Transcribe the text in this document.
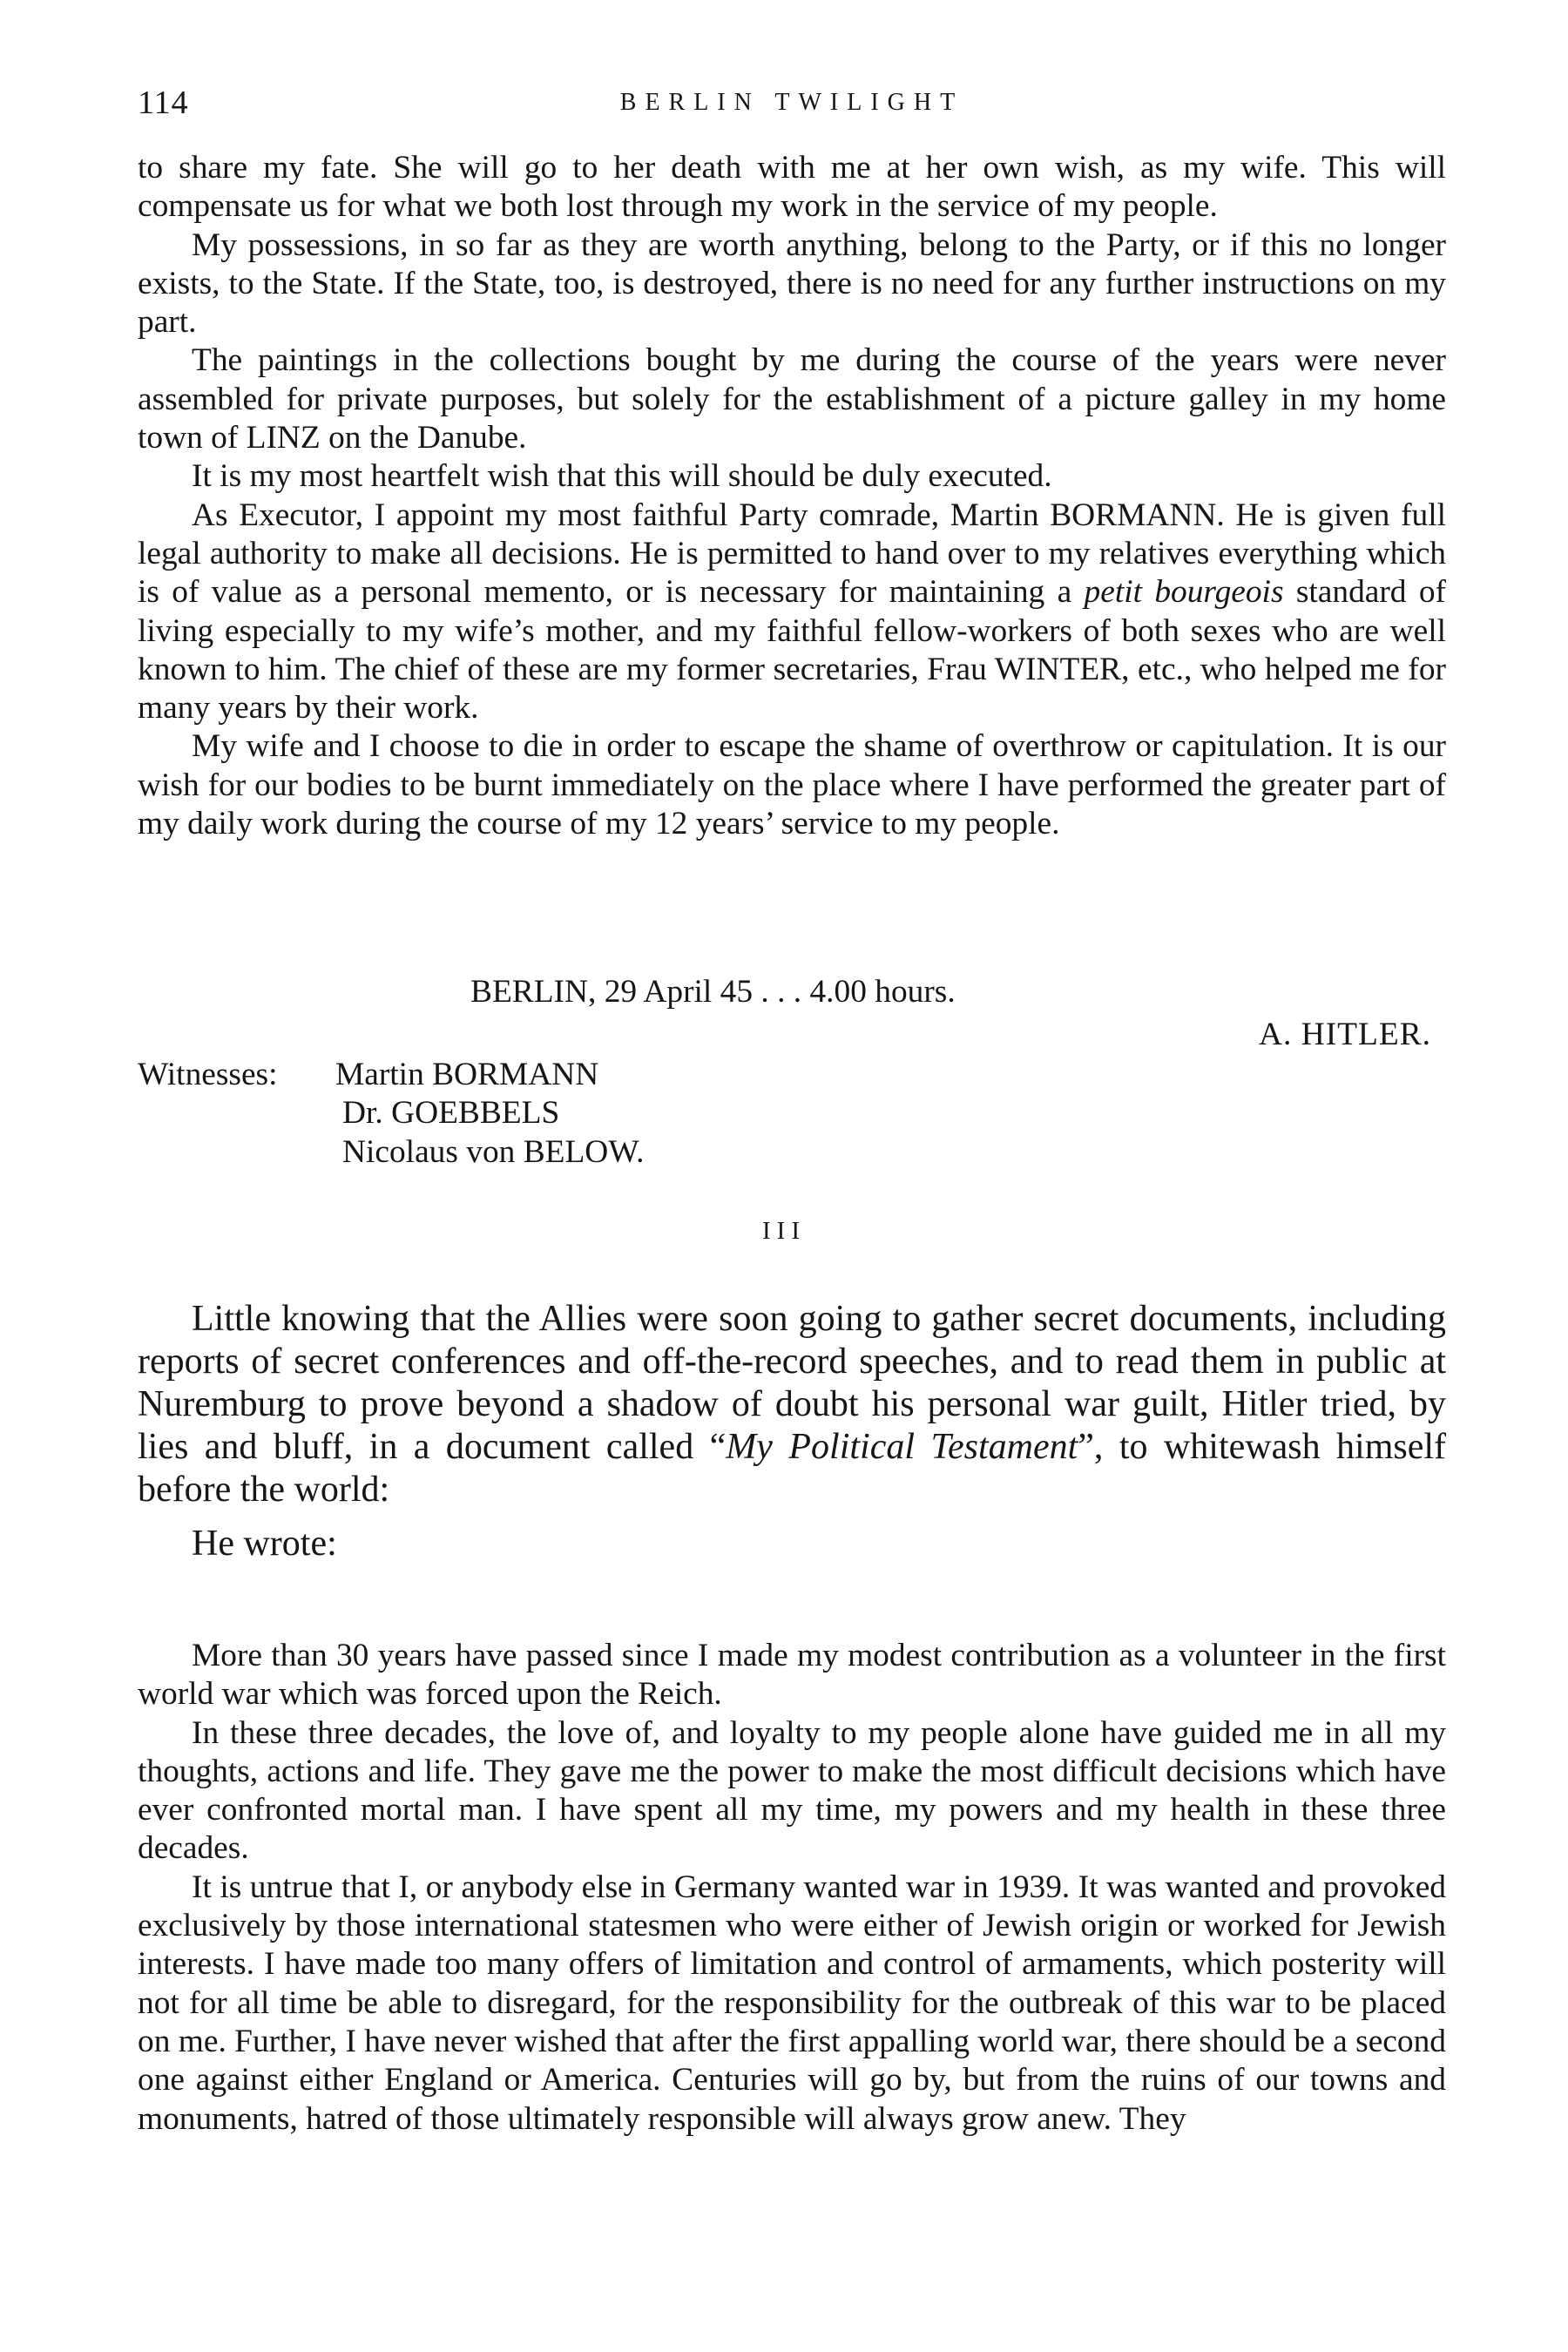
114	BERLIN TWILIGHT

to share my fate. She will go to her death with me at her own wish, as my wife. This will compensate us for what we both lost through my work in the service of my people.

My possessions, in so far as they are worth anything, belong to the Party, or if this no longer exists, to the State. If the State, too, is destroyed, there is no need for any further instructions on my part.

The paintings in the collections bought by me during the course of the years were never assembled for private purposes, but solely for the establishment of a picture galley in my home town of LINZ on the Danube.

It is my most heartfelt wish that this will should be duly executed.

As Executor, I appoint my most faithful Party comrade, Martin BORMANN. He is given full legal authority to make all decisions. He is permitted to hand over to my relatives everything which is of value as a personal memento, or is necessary for maintaining a petit bourgeois standard of living especially to my wife’s mother, and my faithful fellow-workers of both sexes who are well known to him. The chief of these are my former secretaries, Frau WINTER, etc., who helped me for many years by their work.

My wife and I choose to die in order to escape the shame of overthrow or capitulation. It is our wish for our bodies to be burnt immediately on the place where I have performed the greater part of my daily work during the course of my 12 years’ service to my people.

BERLIN, 29 April 45 . . . 4.00 hours.
A. HITLER.
Witnesses: Martin BORMANN
Dr. GOEBBELS
Nicolaus von BELOW.
III

Little knowing that the Allies were soon going to gather secret documents, including reports of secret conferences and off-the-record speeches, and to read them in public at Nuremburg to prove beyond a shadow of doubt his personal war guilt, Hitler tried, by lies and bluff, in a document called “My Political Testament”, to whitewash himself before the world:

He wrote:

More than 30 years have passed since I made my modest contribution as a volunteer in the first world war which was forced upon the Reich.

In these three decades, the love of, and loyalty to my people alone have guided me in all my thoughts, actions and life. They gave me the power to make the most difficult decisions which have ever confronted mortal man. I have spent all my time, my powers and my health in these three decades.

It is untrue that I, or anybody else in Germany wanted war in 1939. It was wanted and provoked exclusively by those international statesmen who were either of Jewish origin or worked for Jewish interests. I have made too many offers of limitation and control of armaments, which posterity will not for all time be able to disregard, for the responsibility for the outbreak of this war to be placed on me. Further, I have never wished that after the first appalling world war, there should be a second one against either England or America. Centuries will go by, but from the ruins of our towns and monuments, hatred of those ultimately responsible will always grow anew. They
